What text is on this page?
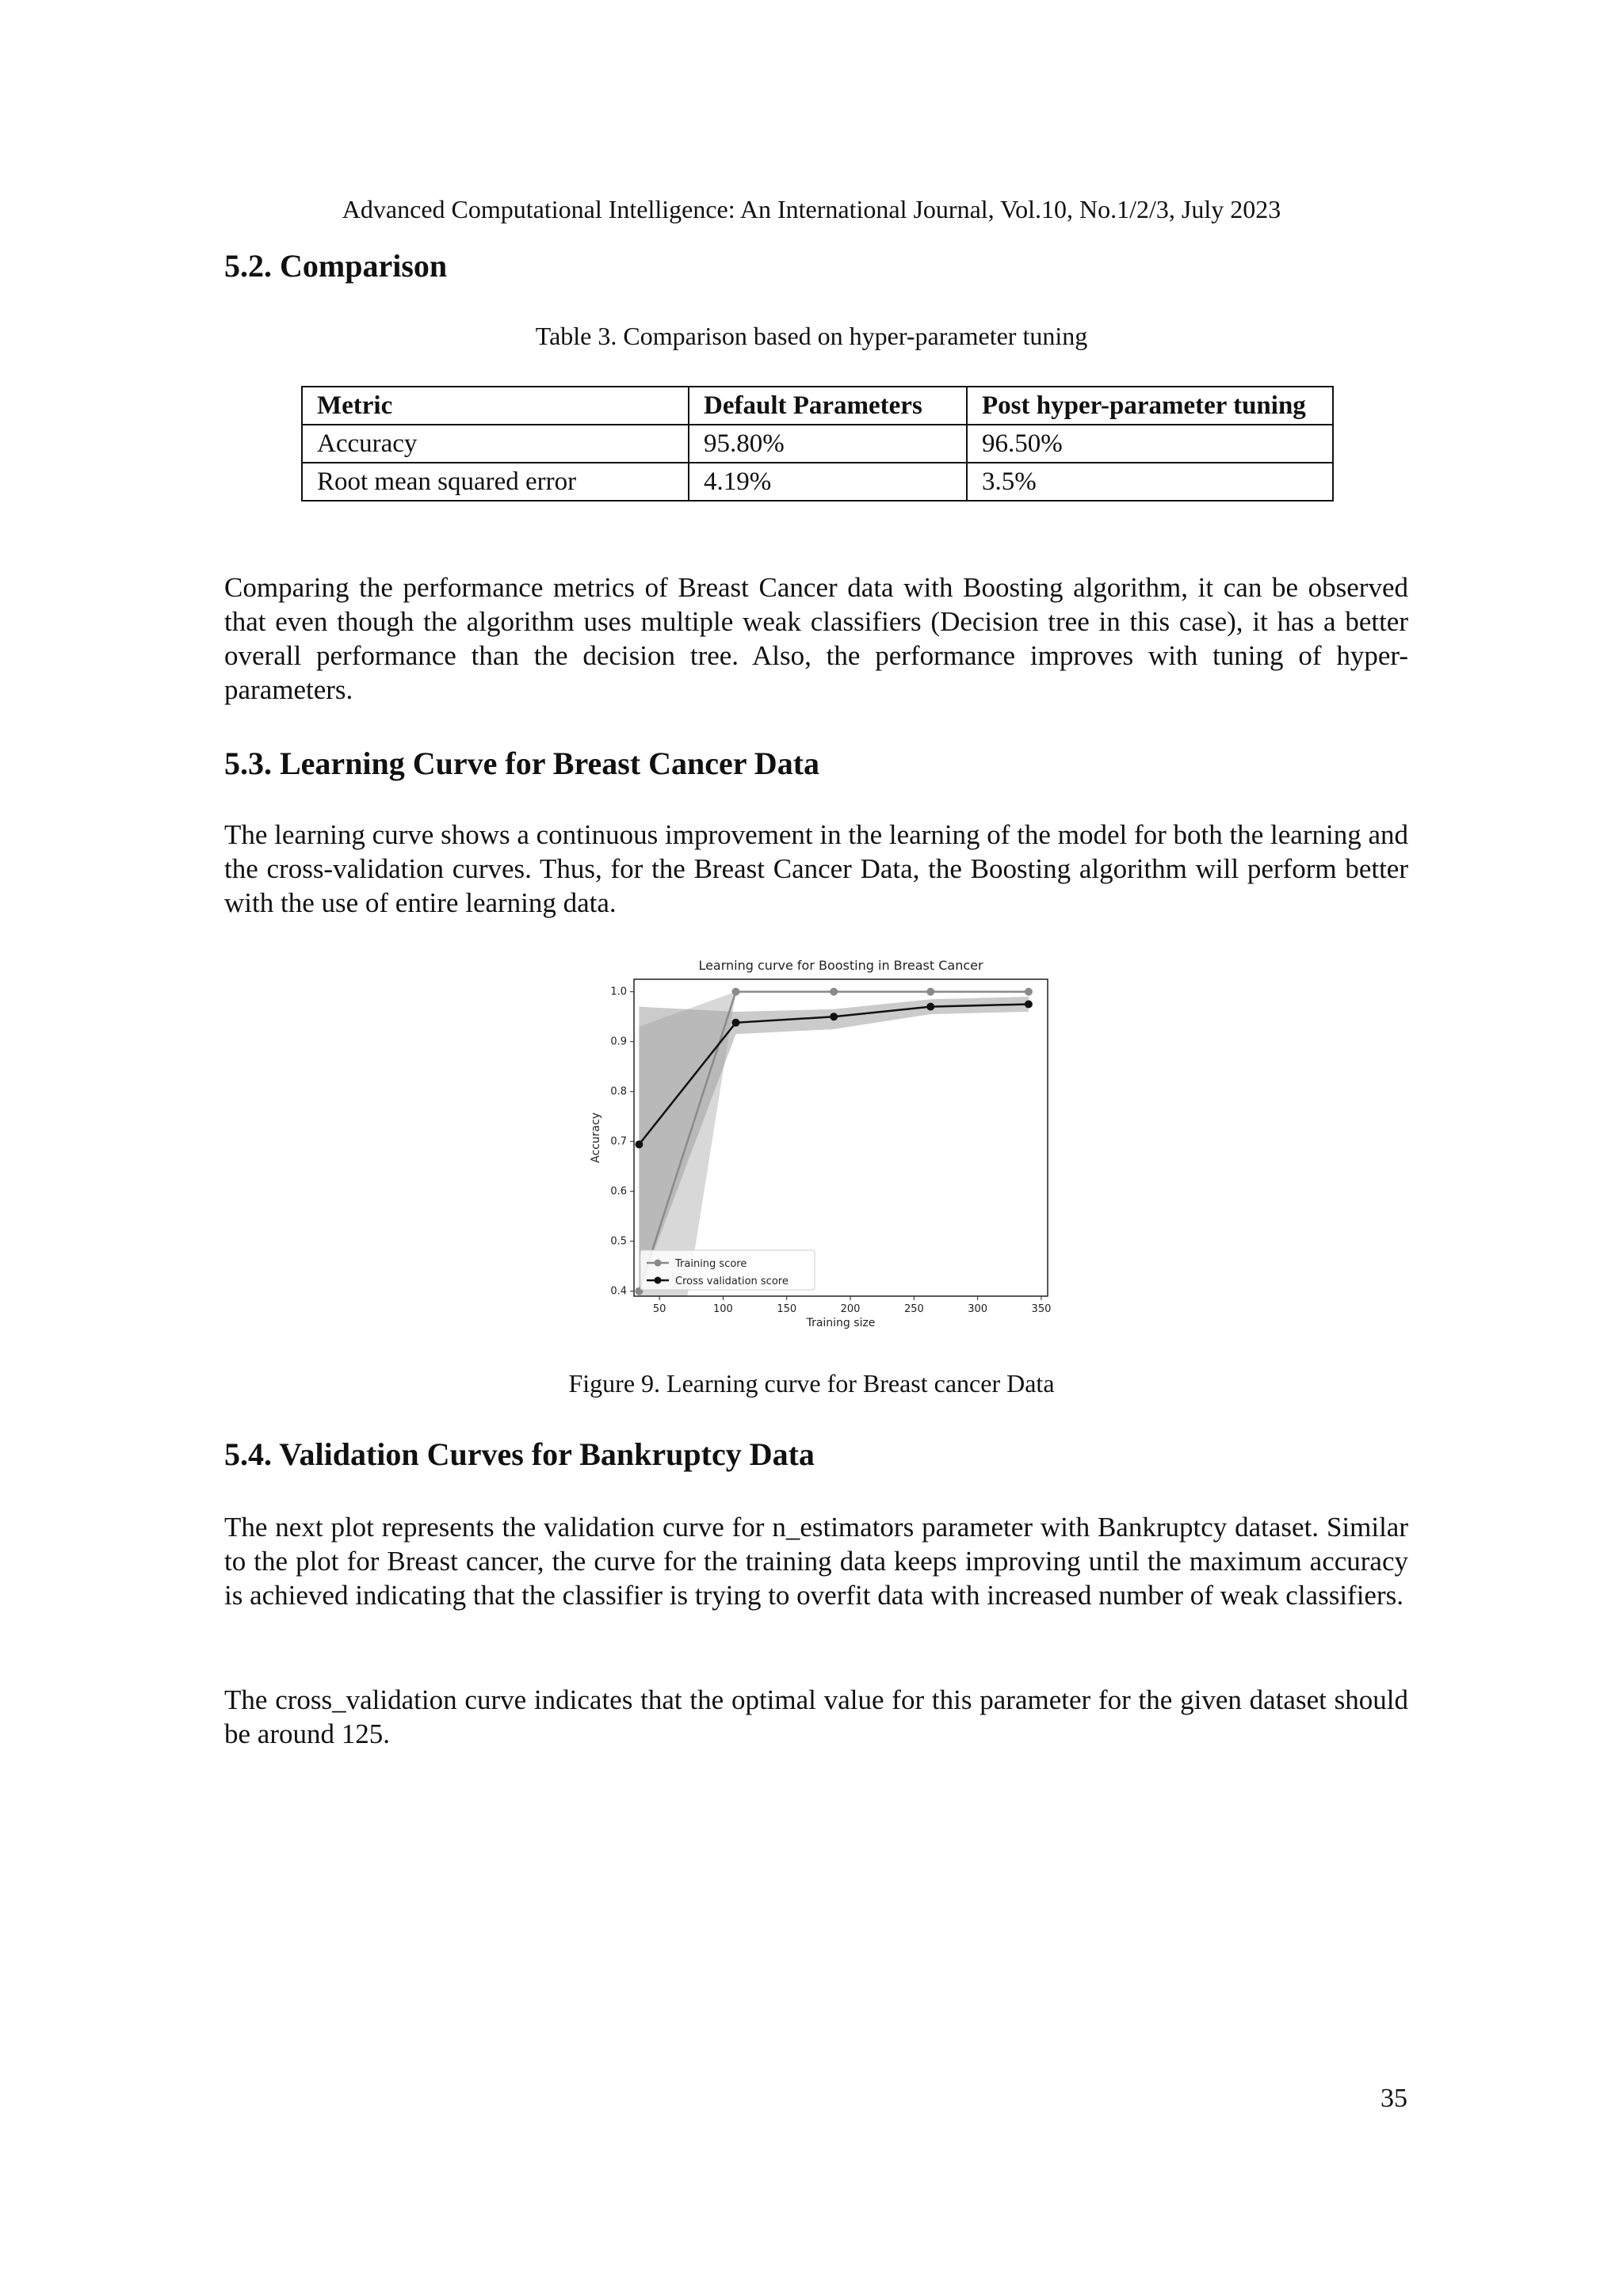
Advanced Computational Intelligence: An International Journal, Vol.10, No.1/2/3, July 2023
5.2. Comparison
Table 3. Comparison based on hyper-parameter tuning
Metric	Default Parameters	Post hyper-parameter tuning
Accuracy	95.80%	96.50%
Root mean squared error	4.19%	3.5%
Comparing the performance metrics of Breast Cancer data with Boosting algorithm, it can be observed that even though the algorithm uses multiple weak classifiers (Decision tree in this case), it has a better overall performance than the decision tree. Also, the performance improves with tuning of hyper-parameters.
5.3. Learning Curve for Breast Cancer Data
The learning curve shows a continuous improvement in the learning of the model for both the learning and the cross-validation curves. Thus, for the Breast Cancer Data, the Boosting algorithm will perform better with the use of entire learning data.
Learning curve for Boosting in Breast Cancer
50	100	150	200	250	300	350
0.4
0.5
0.6
0.7
0.8
0.9
1.0
Training size
Accuracy
Training score
Cross validation score
Figure 9. Learning curve for Breast cancer Data
5.4. Validation Curves for Bankruptcy Data
The next plot represents the validation curve for n_estimators parameter with Bankruptcy dataset. Similar to the plot for Breast cancer, the curve for the training data keeps improving until the maximum accuracy is achieved indicating that the classifier is trying to overfit data with increased number of weak classifiers.
The cross_validation curve indicates that the optimal value for this parameter for the given dataset should be around 125.
35
